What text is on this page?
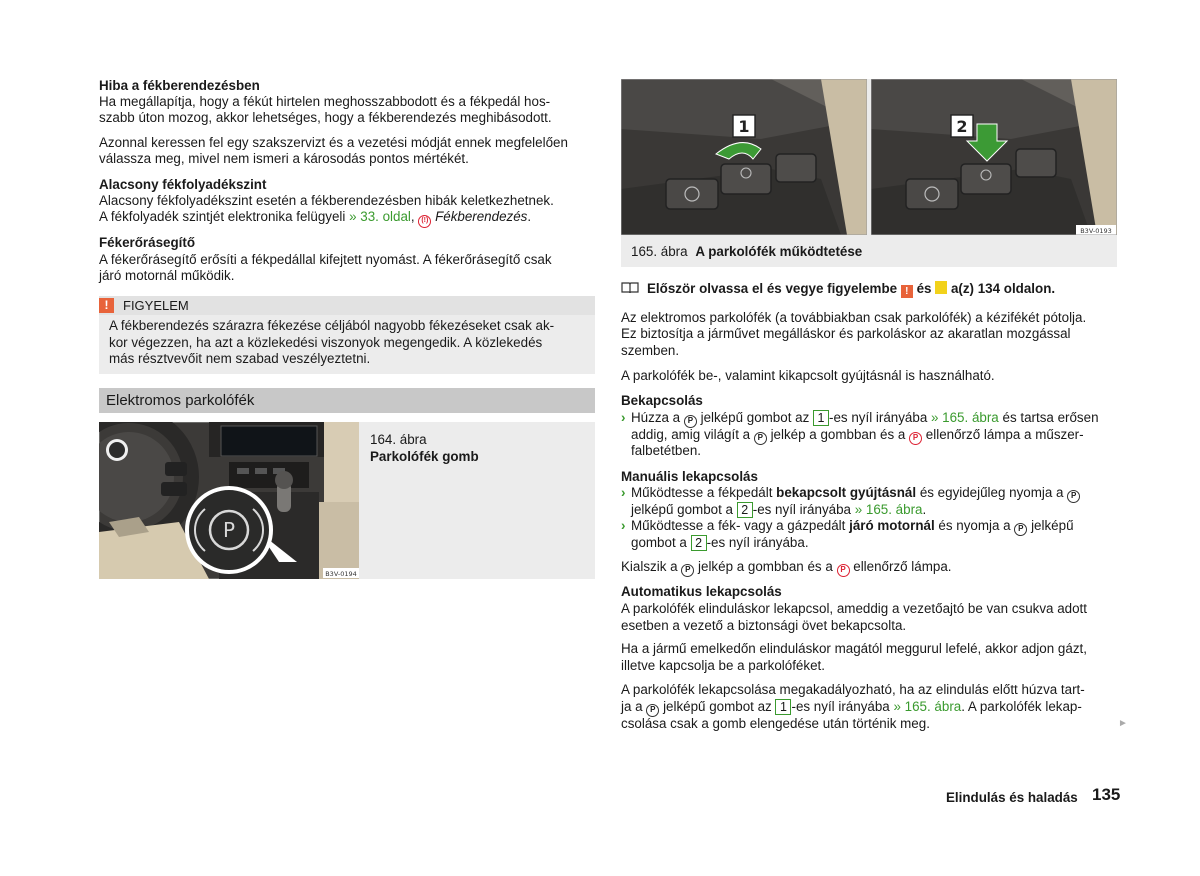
Hiba a fékberendezésben
Ha megállapítja, hogy a fékút hirtelen meghosszabbodott és a fékpedál hos-
szabb úton mozog, akkor lehetséges, hogy a fékberendezés meghibásodott.
Azonnal keressen fel egy szakszervizt és a vezetési módját ennek megfelelően
válassza meg, mivel nem ismeri a károsodás pontos mértékét.
Alacsony fékfolyadékszint
Alacsony fékfolyadékszint esetén a fékberendezésben hibák keletkezhetnek.
A fékfolyadék szintjét elektronika felügyeli » 33. oldal, (!) Fékberendezés.
Fékerőrásegítő
A fékerőrásegítő erősíti a fékpedállal kifejtett nyomást. A fékerőrásegítő csak
járó motornál működik.
!	FIGYELEM
A fékberendezés szárazra fékezése céljából nagyobb fékezéseket csak ak-
kor végezzen, ha azt a közlekedési viszonyok megengedik. A közlekedés
más résztvevőit nem szabad veszélyeztetni.
Elektromos parkolófék
P
B3V-0194
164. ábra
Parkolófék gomb
1	2
B3V-0193
165. ábra A parkolófék működtetése
Először olvassa el és vegye figyelembe ! és a(z) 134 oldalon.
Az elektromos parkolófék (a továbbiakban csak parkolófék) a kézifékét pótolja.
Ez biztosítja a járművet megálláskor és parkoláskor az akaratlan mozgással
szemben.
A parkolófék be-, valamint kikapcsolt gyújtásnál is használható.
Bekapcsolás
› Húzza a P jelképű gombot az 1 -es nyíl irányába » 165. ábra és tartsa erősen
addig, amig világít a P jelkép a gombban és a P ellenőrző lámpa a műszer-
falbetétben.
Manuális lekapcsolás
› Működtesse a fékpedált bekapcsolt gyújtásnál és egyidejűleg nyomja a P
jelképű gombot a 2 -es nyíl irányába » 165. ábra.
› Működtesse a fék- vagy a gázpedált járó motornál és nyomja a P jelképű
gombot a 2 -es nyíl irányába.
Kialszik a P jelkép a gombban és a P ellenőrző lámpa.
Automatikus lekapcsolás
A parkolófék elinduláskor lekapcsol, ameddig a vezetőajtó be van csukva adott
esetben a vezető a biztonsági övet bekapcsolta.
Ha a jármű emelkedőn elinduláskor magától meggurul lefelé, akkor adjon gázt,
illetve kapcsolja be a parkolóféket.
A parkolófék lekapcsolása megakadályozható, ha az elindulás előtt húzva tart-
ja a P jelképű gombot az 1 -es nyíl irányába » 165. ábra. A parkolófék lekap-
csolása csak a gomb elengedése után történik meg.	►
Elindulás és haladás 135
